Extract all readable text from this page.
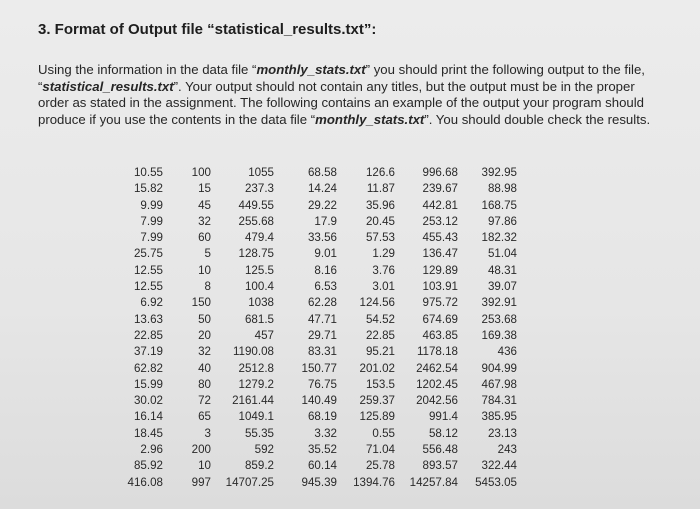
3. Format of Output file “statistical_results.txt”:
Using the information in the data file “monthly_stats.txt” you should print the following output to the file, “statistical_results.txt”. Your output should not contain any titles, but the output must be in the proper order as stated in the assignment. The following contains an example of the output your program should produce if you use the contents in the data file “monthly_stats.txt”. You should double check the results.
10.55	100	1055	68.58	126.6	996.68	392.95
15.82	15	237.3	14.24	11.87	239.67	88.98
9.99	45	449.55	29.22	35.96	442.81	168.75
7.99	32	255.68	17.9	20.45	253.12	97.86
7.99	60	479.4	33.56	57.53	455.43	182.32
25.75	5	128.75	9.01	1.29	136.47	51.04
12.55	10	125.5	8.16	3.76	129.89	48.31
12.55	8	100.4	6.53	3.01	103.91	39.07
6.92	150	1038	62.28	124.56	975.72	392.91
13.63	50	681.5	47.71	54.52	674.69	253.68
22.85	20	457	29.71	22.85	463.85	169.38
37.19	32	1190.08	83.31	95.21	1178.18	436
62.82	40	2512.8	150.77	201.02	2462.54	904.99
15.99	80	1279.2	76.75	153.5	1202.45	467.98
30.02	72	2161.44	140.49	259.37	2042.56	784.31
16.14	65	1049.1	68.19	125.89	991.4	385.95
18.45	3	55.35	3.32	0.55	58.12	23.13
2.96	200	592	35.52	71.04	556.48	243
85.92	10	859.2	60.14	25.78	893.57	322.44
416.08	997	14707.25	945.39	1394.76	14257.84	5453.05
